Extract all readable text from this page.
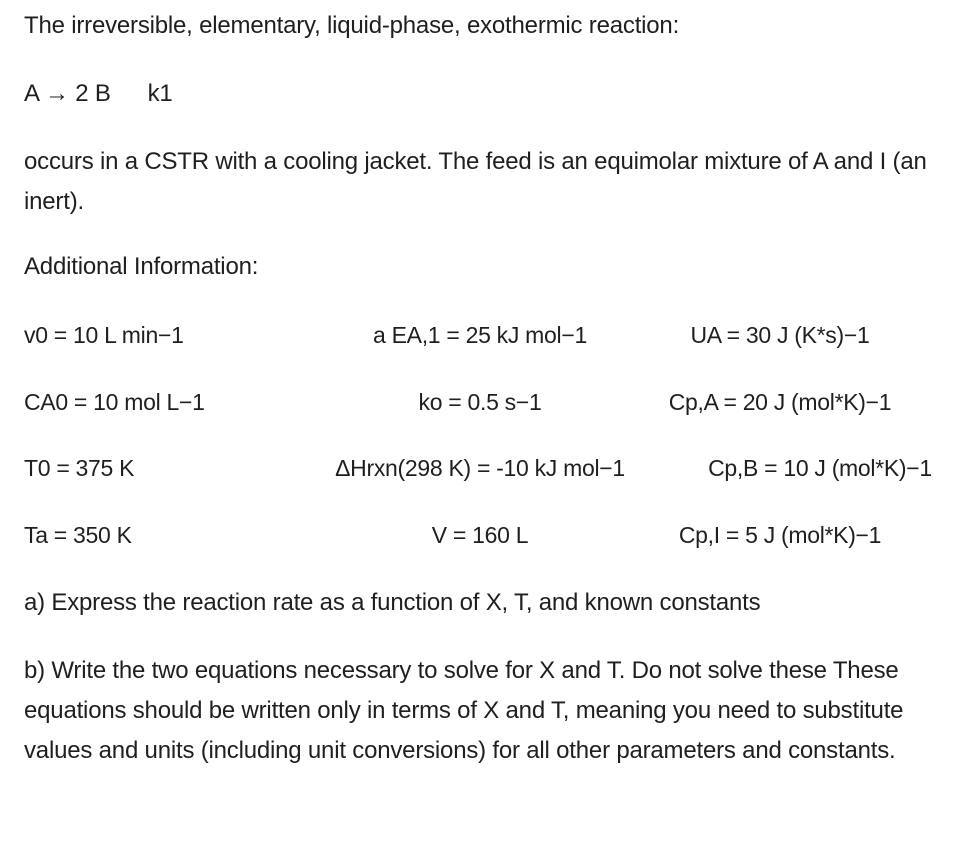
The irreversible, elementary, liquid-phase, exothermic reaction:
A → 2 B k1
occurs in a CSTR with a cooling jacket. The feed is an equimolar mixture of A and I (an inert).
Additional Information:
v0 = 10 L min−1	a EA,1 = 25 kJ mol−1	UA = 30 J (K*s)−1
CA0 = 10 mol L−1	ko = 0.5 s−1	Cp,A = 20 J (mol*K)−1
T0 = 375 K	ΔHrxn(298 K) = -10 kJ mol−1	Cp,B = 10 J (mol*K)−1
Ta = 350 K	V = 160 L	Cp,I = 5 J (mol*K)−1
a) Express the reaction rate as a function of X, T, and known constants
b) Write the two equations necessary to solve for X and T. Do not solve these These equations should be written only in terms of X and T, meaning you need to substitute values and units (including unit conversions) for all other parameters and constants.
